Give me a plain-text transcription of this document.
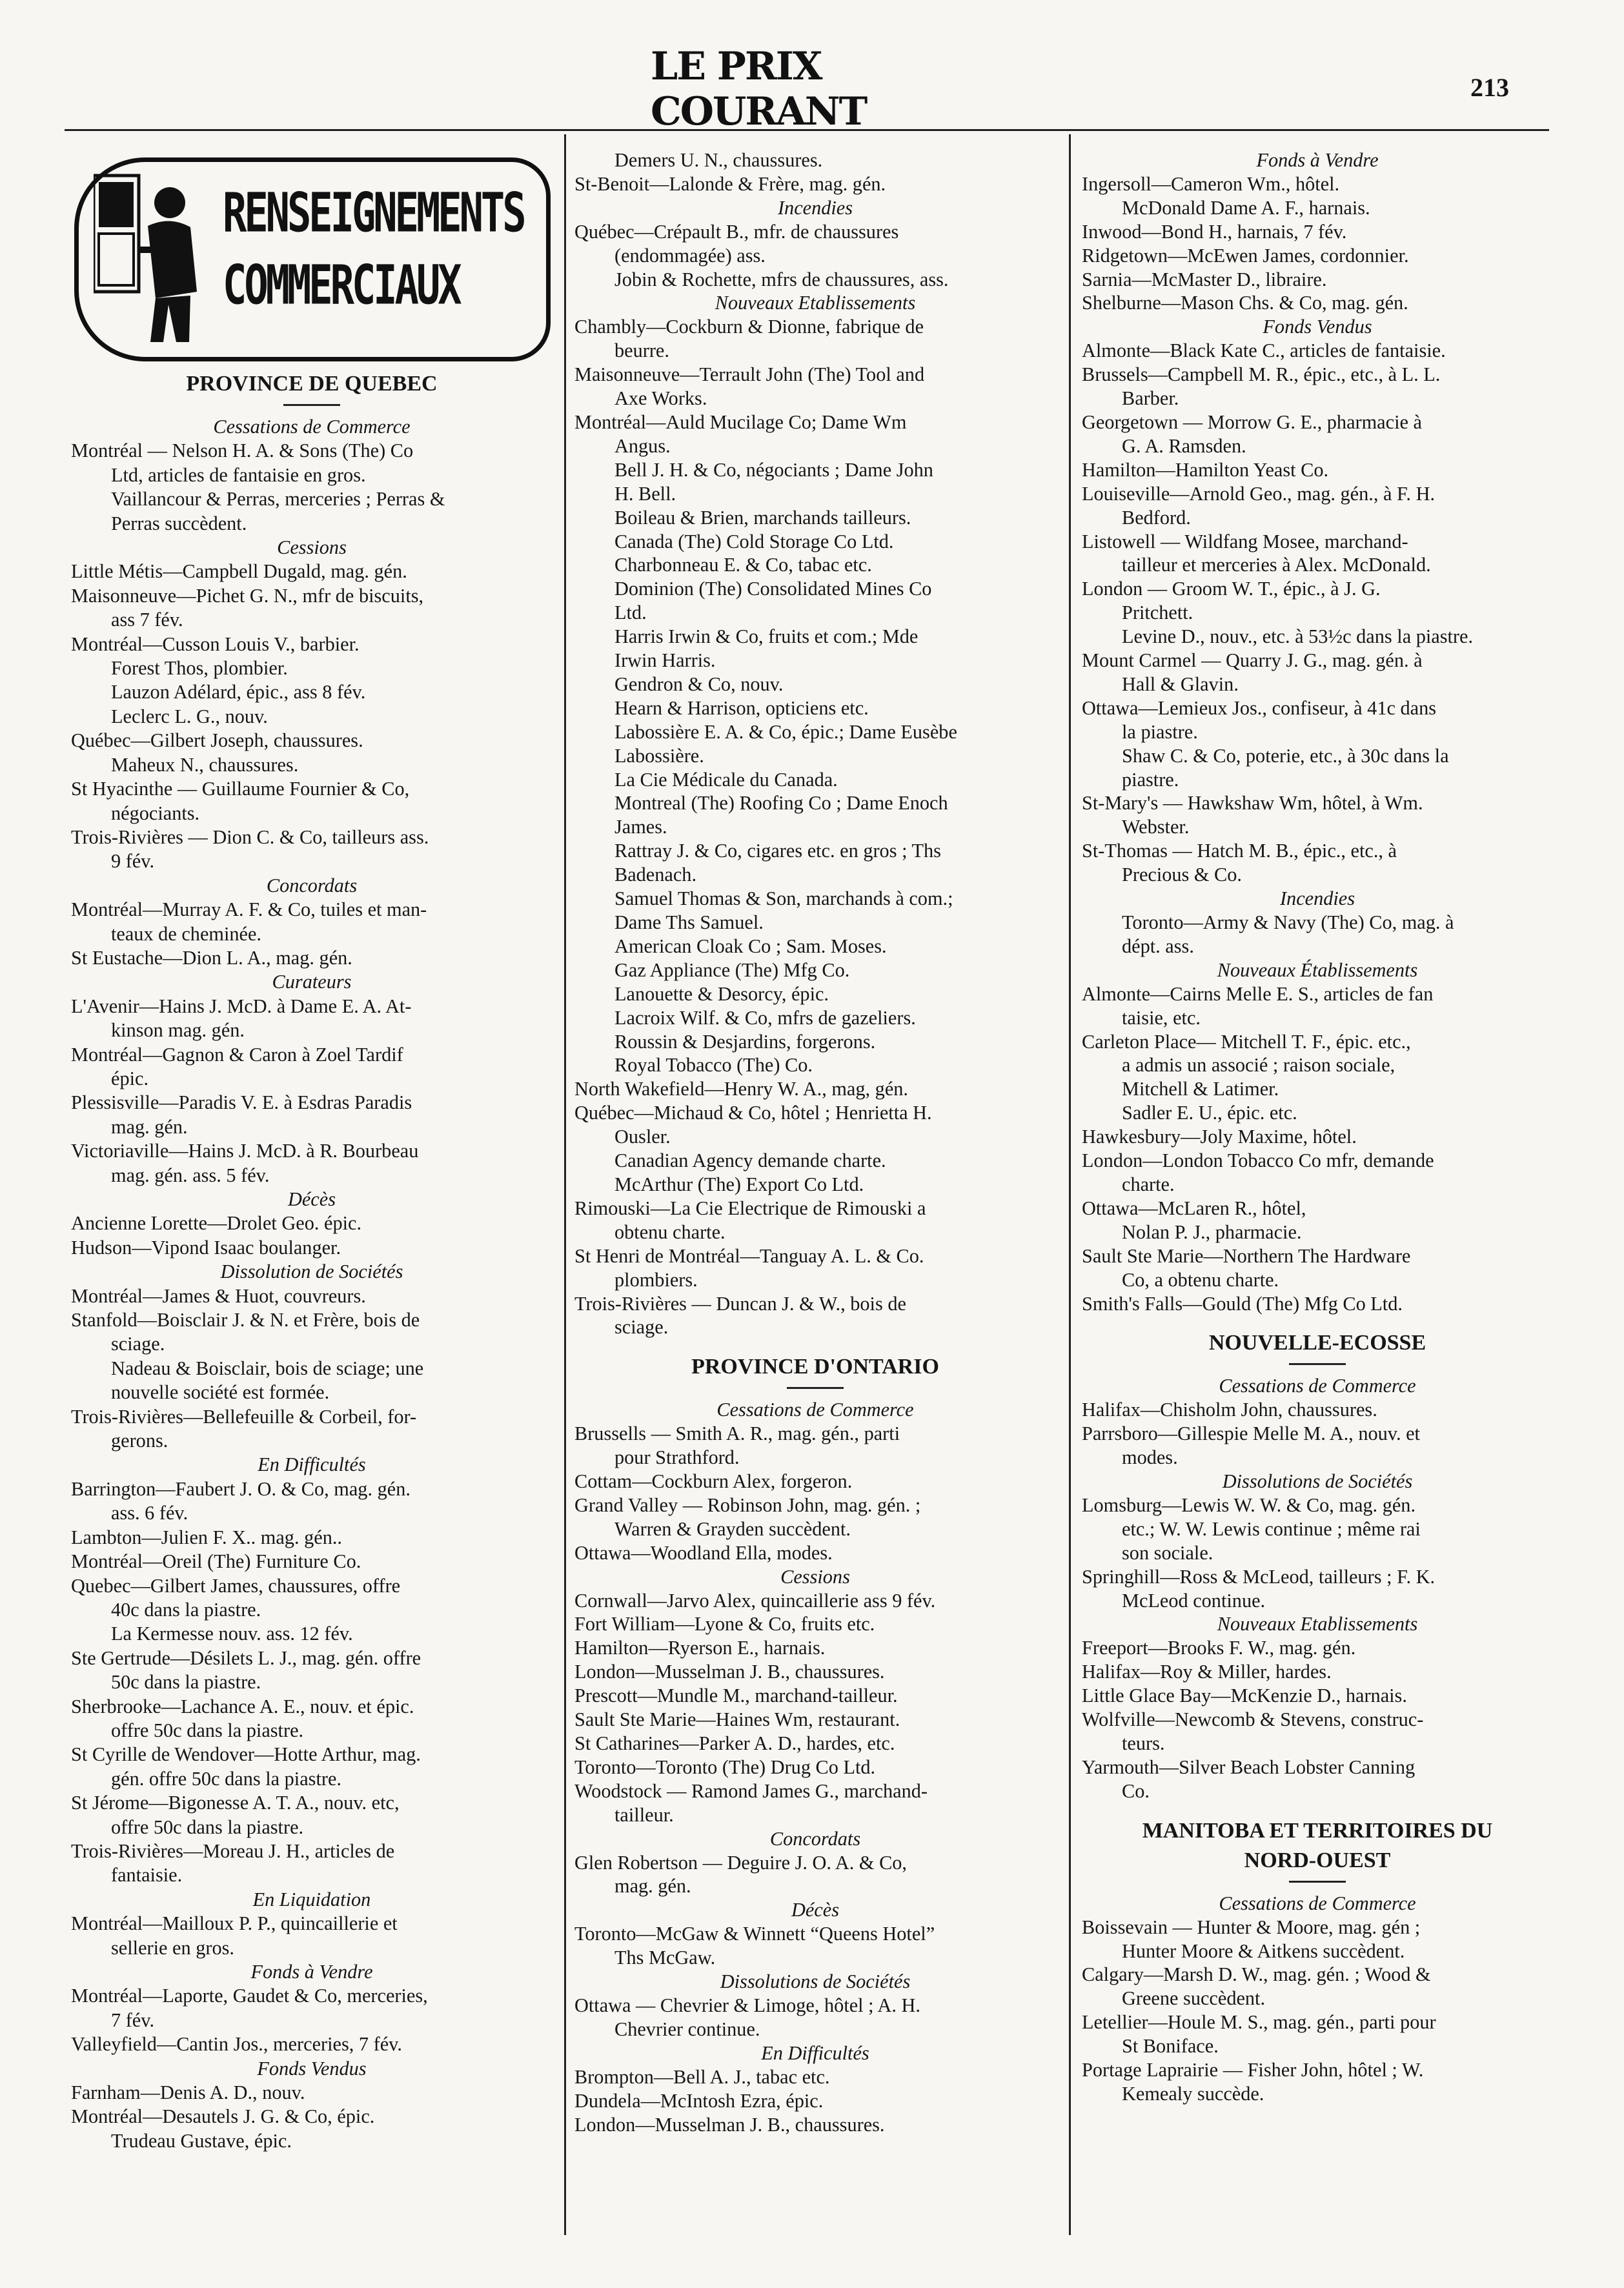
LE PRIX COURANT
213
RENSEIGNEMENTS
COMMERCIAUX
PROVINCE DE QUEBEC
Cessations de Commerce
Montréal — Nelson H. A. & Sons (The) Co
Ltd, articles de fantaisie en gros.
Vaillancour & Perras, merceries ; Perras &
Perras succèdent.
Cessions
Little Métis—Campbell Dugald, mag. gén.
Maisonneuve—Pichet G. N., mfr de biscuits,
ass 7 fév.
Montréal—Cusson Louis V., barbier.
Forest Thos, plombier.
Lauzon Adélard, épic., ass 8 fév.
Leclerc L. G., nouv.
Québec—Gilbert Joseph, chaussures.
Maheux N., chaussures.
St Hyacinthe — Guillaume Fournier & Co,
négociants.
Trois-Rivières — Dion C. & Co, tailleurs ass.
9 fév.
Concordats
Montréal—Murray A. F. & Co, tuiles et man-
teaux de cheminée.
St Eustache—Dion L. A., mag. gén.
Curateurs
L'Avenir—Hains J. McD. à Dame E. A. At-
kinson mag. gén.
Montréal—Gagnon & Caron à Zoel Tardif
épic.
Plessisville—Paradis V. E. à Esdras Paradis
mag. gén.
Victoriaville—Hains J. McD. à R. Bourbeau
mag. gén. ass. 5 fév.
Décès
Ancienne Lorette—Drolet Geo. épic.
Hudson—Vipond Isaac boulanger.
Dissolution de Sociétés
Montréal—James & Huot, couvreurs.
Stanfold—Boisclair J. & N. et Frère, bois de
sciage.
Nadeau & Boisclair, bois de sciage; une
nouvelle société est formée.
Trois-Rivières—Bellefeuille & Corbeil, for-
gerons.
En Difficultés
Barrington—Faubert J. O. & Co, mag. gén.
ass. 6 fév.
Lambton—Julien F. X.. mag. gén..
Montréal—Oreil (The) Furniture Co.
Quebec—Gilbert James, chaussures, offre
40c dans la piastre.
La Kermesse nouv. ass. 12 fév.
Ste Gertrude—Désilets L. J., mag. gén. offre
50c dans la piastre.
Sherbrooke—Lachance A. E., nouv. et épic.
offre 50c dans la piastre.
St Cyrille de Wendover—Hotte Arthur, mag.
gén. offre 50c dans la piastre.
St Jérome—Bigonesse A. T. A., nouv. etc,
offre 50c dans la piastre.
Trois-Rivières—Moreau J. H., articles de
fantaisie.
En Liquidation
Montréal—Mailloux P. P., quincaillerie et
sellerie en gros.
Fonds à Vendre
Montréal—Laporte, Gaudet & Co, merceries,
7 fév.
Valleyfield—Cantin Jos., merceries, 7 fév.
Fonds Vendus
Farnham—Denis A. D., nouv.
Montréal—Desautels J. G. & Co, épic.
Trudeau Gustave, épic.
Demers U. N., chaussures.
St-Benoit—Lalonde & Frère, mag. gén.
Incendies
Québec—Crépault B., mfr. de chaussures
(endommagée) ass.
Jobin & Rochette, mfrs de chaussures, ass.
Nouveaux Etablissements
Chambly—Cockburn & Dionne, fabrique de
beurre.
Maisonneuve—Terrault John (The) Tool and
Axe Works.
Montréal—Auld Mucilage Co; Dame Wm
Angus.
Bell J. H. & Co, négociants ; Dame John
H. Bell.
Boileau & Brien, marchands tailleurs.
Canada (The) Cold Storage Co Ltd.
Charbonneau E. & Co, tabac etc.
Dominion (The) Consolidated Mines Co
Ltd.
Harris Irwin & Co, fruits et com.; Mde
Irwin Harris.
Gendron & Co, nouv.
Hearn & Harrison, opticiens etc.
Labossière E. A. & Co, épic.; Dame Eusèbe
Labossière.
La Cie Médicale du Canada.
Montreal (The) Roofing Co ; Dame Enoch
James.
Rattray J. & Co, cigares etc. en gros ; Ths
Badenach.
Samuel Thomas & Son, marchands à com.;
Dame Ths Samuel.
American Cloak Co ; Sam. Moses.
Gaz Appliance (The) Mfg Co.
Lanouette & Desorcy, épic.
Lacroix Wilf. & Co, mfrs de gazeliers.
Roussin & Desjardins, forgerons.
Royal Tobacco (The) Co.
North Wakefield—Henry W. A., mag, gén.
Québec—Michaud & Co, hôtel ; Henrietta H.
Ousler.
Canadian Agency demande charte.
McArthur (The) Export Co Ltd.
Rimouski—La Cie Electrique de Rimouski a
obtenu charte.
St Henri de Montréal—Tanguay A. L. & Co.
plombiers.
Trois-Rivières — Duncan J. & W., bois de
sciage.
PROVINCE D'ONTARIO
Cessations de Commerce
Brussells — Smith A. R., mag. gén., parti
pour Strathford.
Cottam—Cockburn Alex, forgeron.
Grand Valley — Robinson John, mag. gén. ;
Warren & Grayden succèdent.
Ottawa—Woodland Ella, modes.
Cessions
Cornwall—Jarvo Alex, quincaillerie ass 9 fév.
Fort William—Lyone & Co, fruits etc.
Hamilton—Ryerson E., harnais.
London—Musselman J. B., chaussures.
Prescott—Mundle M., marchand-tailleur.
Sault Ste Marie—Haines Wm, restaurant.
St Catharines—Parker A. D., hardes, etc.
Toronto—Toronto (The) Drug Co Ltd.
Woodstock — Ramond James G., marchand-
tailleur.
Concordats
Glen Robertson — Deguire J. O. A. & Co,
mag. gén.
Décès
Toronto—McGaw & Winnett “Queens Hotel”
Ths McGaw.
Dissolutions de Sociétés
Ottawa — Chevrier & Limoge, hôtel ; A. H.
Chevrier continue.
En Difficultés
Brompton—Bell A. J., tabac etc.
Dundela—McIntosh Ezra, épic.
London—Musselman J. B., chaussures.
Fonds à Vendre
Ingersoll—Cameron Wm., hôtel.
McDonald Dame A. F., harnais.
Inwood—Bond H., harnais, 7 fév.
Ridgetown—McEwen James, cordonnier.
Sarnia—McMaster D., libraire.
Shelburne—Mason Chs. & Co, mag. gén.
Fonds Vendus
Almonte—Black Kate C., articles de fantaisie.
Brussels—Campbell M. R., épic., etc., à L. L.
Barber.
Georgetown — Morrow G. E., pharmacie à
G. A. Ramsden.
Hamilton—Hamilton Yeast Co.
Louiseville—Arnold Geo., mag. gén., à F. H.
Bedford.
Listowell — Wildfang Mosee, marchand-
tailleur et merceries à Alex. McDonald.
London — Groom W. T., épic., à J. G.
Pritchett.
Levine D., nouv., etc. à 53½c dans la piastre.
Mount Carmel — Quarry J. G., mag. gén. à
Hall & Glavin.
Ottawa—Lemieux Jos., confiseur, à 41c dans
la piastre.
Shaw C. & Co, poterie, etc., à 30c dans la
piastre.
St-Mary's — Hawkshaw Wm, hôtel, à Wm.
Webster.
St-Thomas — Hatch M. B., épic., etc., à
Precious & Co.
Incendies
Toronto—Army & Navy (The) Co, mag. à
dépt. ass.
Nouveaux Établissements
Almonte—Cairns Melle E. S., articles de fan
taisie, etc.
Carleton Place— Mitchell T. F., épic. etc.,
a admis un associé ; raison sociale,
Mitchell & Latimer.
Sadler E. U., épic. etc.
Hawkesbury—Joly Maxime, hôtel.
London—London Tobacco Co mfr, demande
charte.
Ottawa—McLaren R., hôtel,
Nolan P. J., pharmacie.
Sault Ste Marie—Northern The Hardware
Co, a obtenu charte.
Smith's Falls—Gould (The) Mfg Co Ltd.
NOUVELLE-ECOSSE
Cessations de Commerce
Halifax—Chisholm John, chaussures.
Parrsboro—Gillespie Melle M. A., nouv. et
modes.
Dissolutions de Sociétés
Lomsburg—Lewis W. W. & Co, mag. gén.
etc.; W. W. Lewis continue ; même rai
son sociale.
Springhill—Ross & McLeod, tailleurs ; F. K.
McLeod continue.
Nouveaux Etablissements
Freeport—Brooks F. W., mag. gén.
Halifax—Roy & Miller, hardes.
Little Glace Bay—McKenzie D., harnais.
Wolfville—Newcomb & Stevens, construc-
teurs.
Yarmouth—Silver Beach Lobster Canning
Co.
MANITOBA ET TERRITOIRES DU
NORD-OUEST
Cessations de Commerce
Boissevain — Hunter & Moore, mag. gén ;
Hunter Moore & Aitkens succèdent.
Calgary—Marsh D. W., mag. gén. ; Wood &
Greene succèdent.
Letellier—Houle M. S., mag. gén., parti pour
St Boniface.
Portage Laprairie — Fisher John, hôtel ; W.
Kemealy succède.
